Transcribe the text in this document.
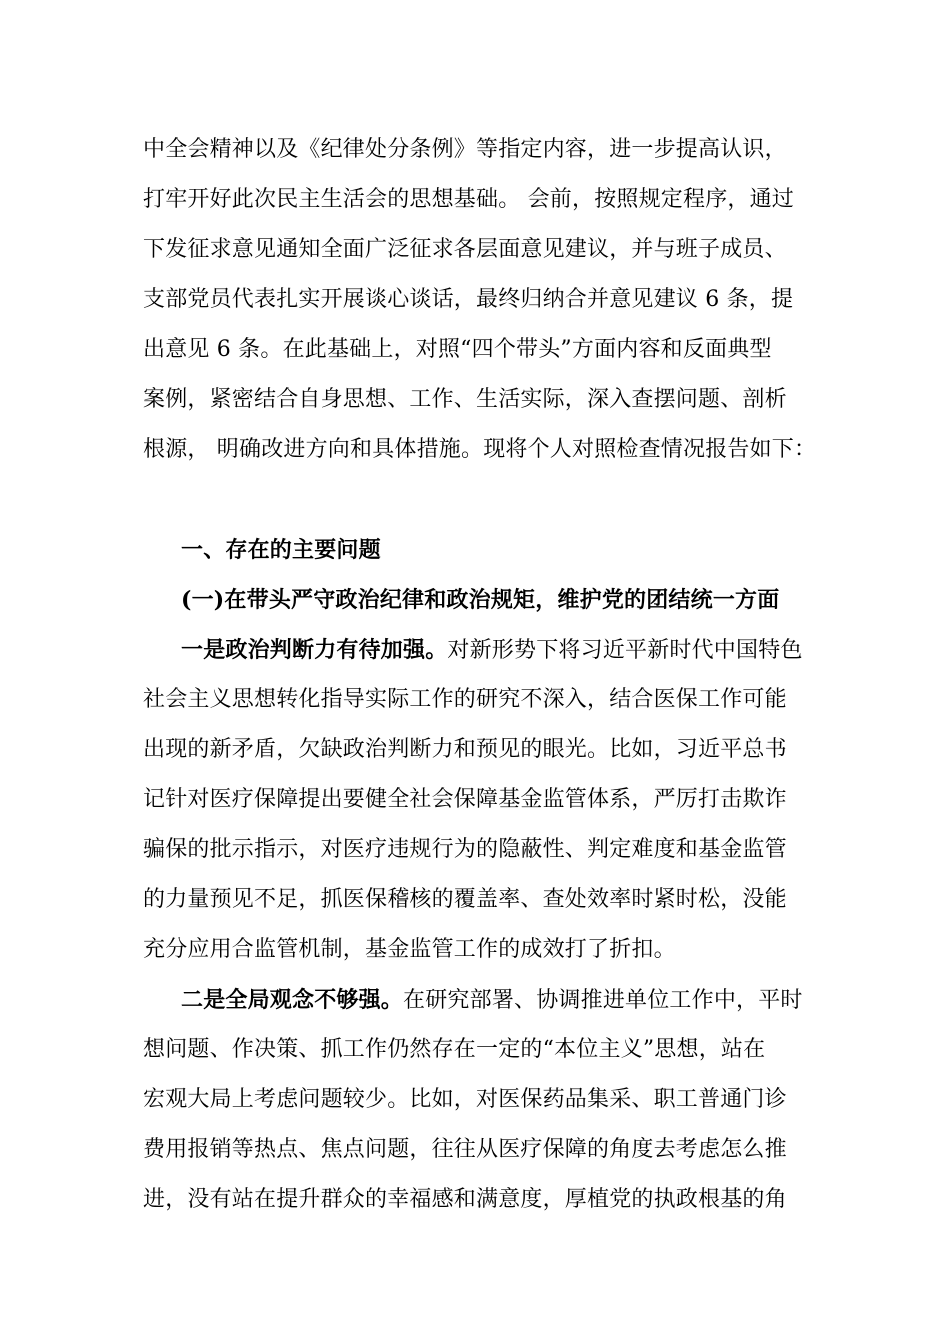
中全会精神以及《纪律处分条例》等指定内容，进一步提高认识，
打牢开好此次民主生活会的思想基础。 会前，按照规定程序，通过
下发征求意见通知全面广泛征求各层面意见建议，并与班子成员、
支部党员代表扎实开展谈心谈话，最终归纳合并意见建议 6 条，提
出意见 6 条。在此基础上，对照“四个带头”方面内容和反面典型
案例，紧密结合自身思想、工作、生活实际，深入查摆问题、剖析
根源， 明确改进方向和具体措施。现将个人对照检查情况报告如下：
一、存在的主要问题
(一)在带头严守政治纪律和政治规矩，维护党的团结统一方面
一是政治判断力有待加强。对新形势下将习近平新时代中国特色
社会主义思想转化指导实际工作的研究不深入，结合医保工作可能
出现的新矛盾，欠缺政治判断力和预见的眼光。比如，习近平总书
记针对医疗保障提出要健全社会保障基金监管体系，严厉打击欺诈
骗保的批示指示，对医疗违规行为的隐蔽性、判定难度和基金监管
的力量预见不足，抓医保稽核的覆盖率、查处效率时紧时松，没能
充分应用合监管机制，基金监管工作的成效打了折扣。
二是全局观念不够强。在研究部署、协调推进单位工作中，平时
想问题、作决策、抓工作仍然存在一定的“本位主义”思想，站在
宏观大局上考虑问题较少。比如，对医保药品集采、职工普通门诊
费用报销等热点、焦点问题，往往从医疗保障的角度去考虑怎么推
进，没有站在提升群众的幸福感和满意度，厚植党的执政根基的角
